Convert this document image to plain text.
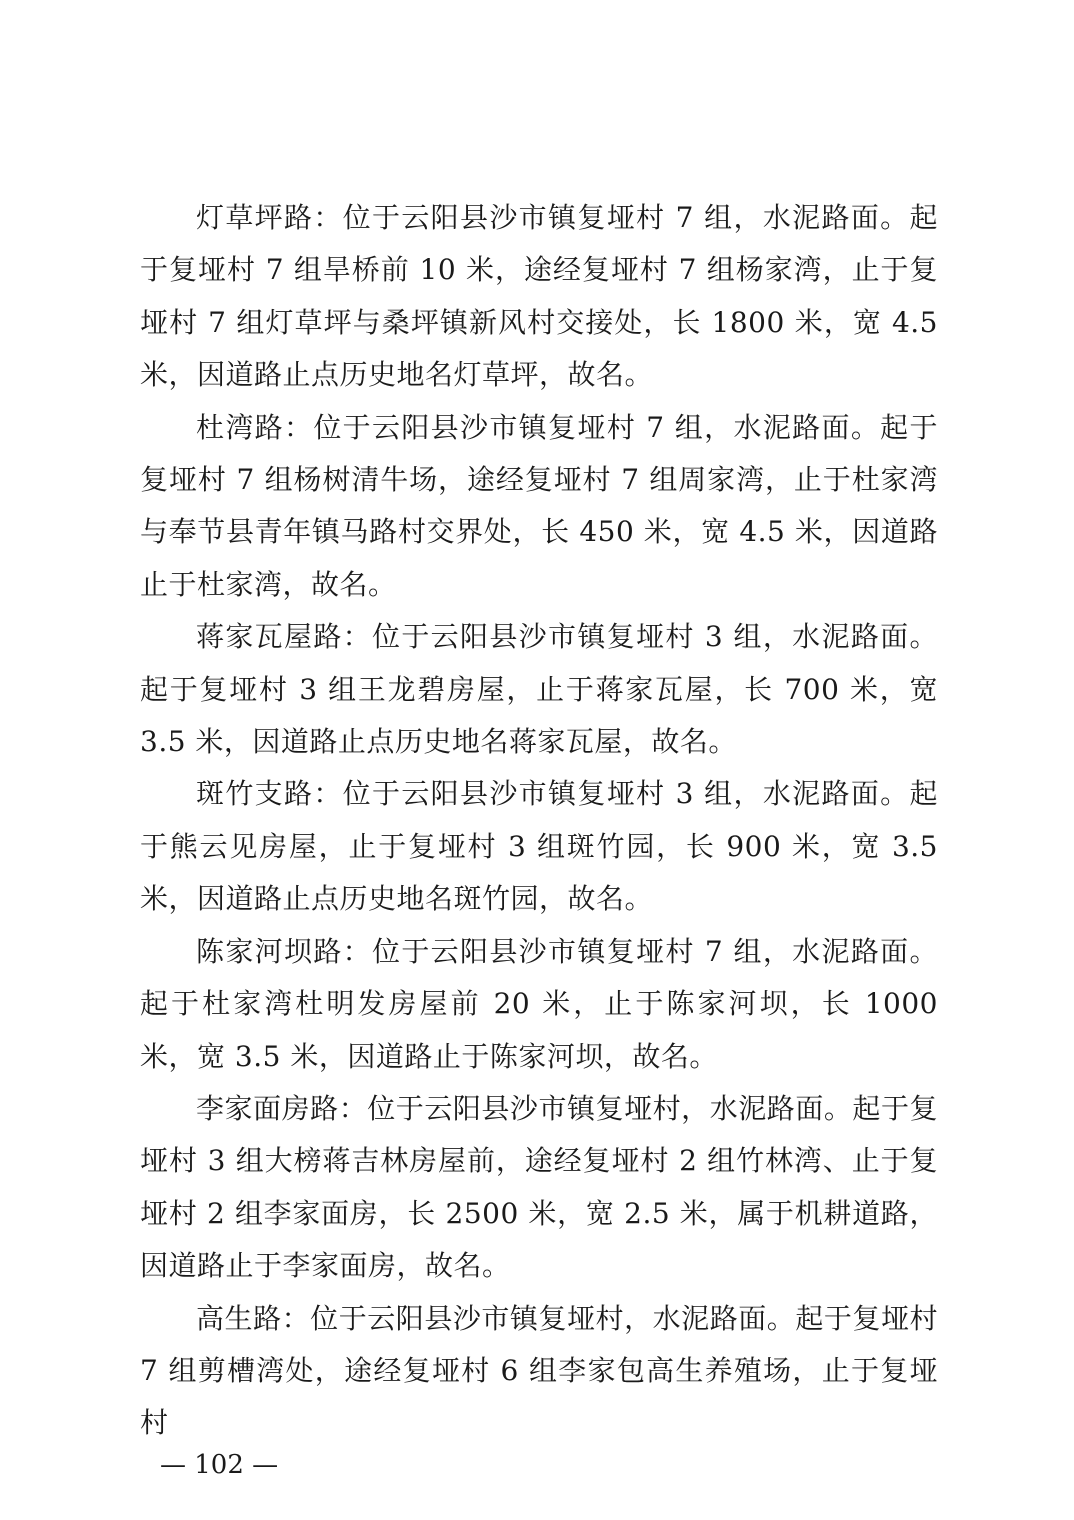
灯草坪路：位于云阳县沙市镇复垭村 7 组，水泥路面。起于复垭村 7 组旱桥前 10 米，途经复垭村 7 组杨家湾，止于复垭村 7 组灯草坪与桑坪镇新风村交接处，长 1800 米，宽 4.5 米，因道路止点历史地名灯草坪，故名。

杜湾路：位于云阳县沙市镇复垭村 7 组，水泥路面。起于复垭村 7 组杨树清牛场，途经复垭村 7 组周家湾，止于杜家湾与奉节县青年镇马路村交界处，长 450 米，宽 4.5 米，因道路止于杜家湾，故名。

蒋家瓦屋路：位于云阳县沙市镇复垭村 3 组，水泥路面。起于复垭村 3 组王龙碧房屋，止于蒋家瓦屋，长 700 米，宽 3.5 米，因道路止点历史地名蒋家瓦屋，故名。

斑竹支路：位于云阳县沙市镇复垭村 3 组，水泥路面。起于熊云见房屋，止于复垭村 3 组斑竹园，长 900 米，宽 3.5 米，因道路止点历史地名斑竹园，故名。

陈家河坝路：位于云阳县沙市镇复垭村 7 组，水泥路面。起于杜家湾杜明发房屋前 20 米，止于陈家河坝，长 1000 米，宽 3.5 米，因道路止于陈家河坝，故名。

李家面房路：位于云阳县沙市镇复垭村，水泥路面。起于复垭村 3 组大榜蒋吉林房屋前，途经复垭村 2 组竹林湾、止于复垭村 2 组李家面房，长 2500 米，宽 2.5 米，属于机耕道路，因道路止于李家面房，故名。

高生路：位于云阳县沙市镇复垭村，水泥路面。起于复垭村 7 组剪槽湾处，途经复垭村 6 组李家包高生养殖场，止于复垭村

— 102 —
